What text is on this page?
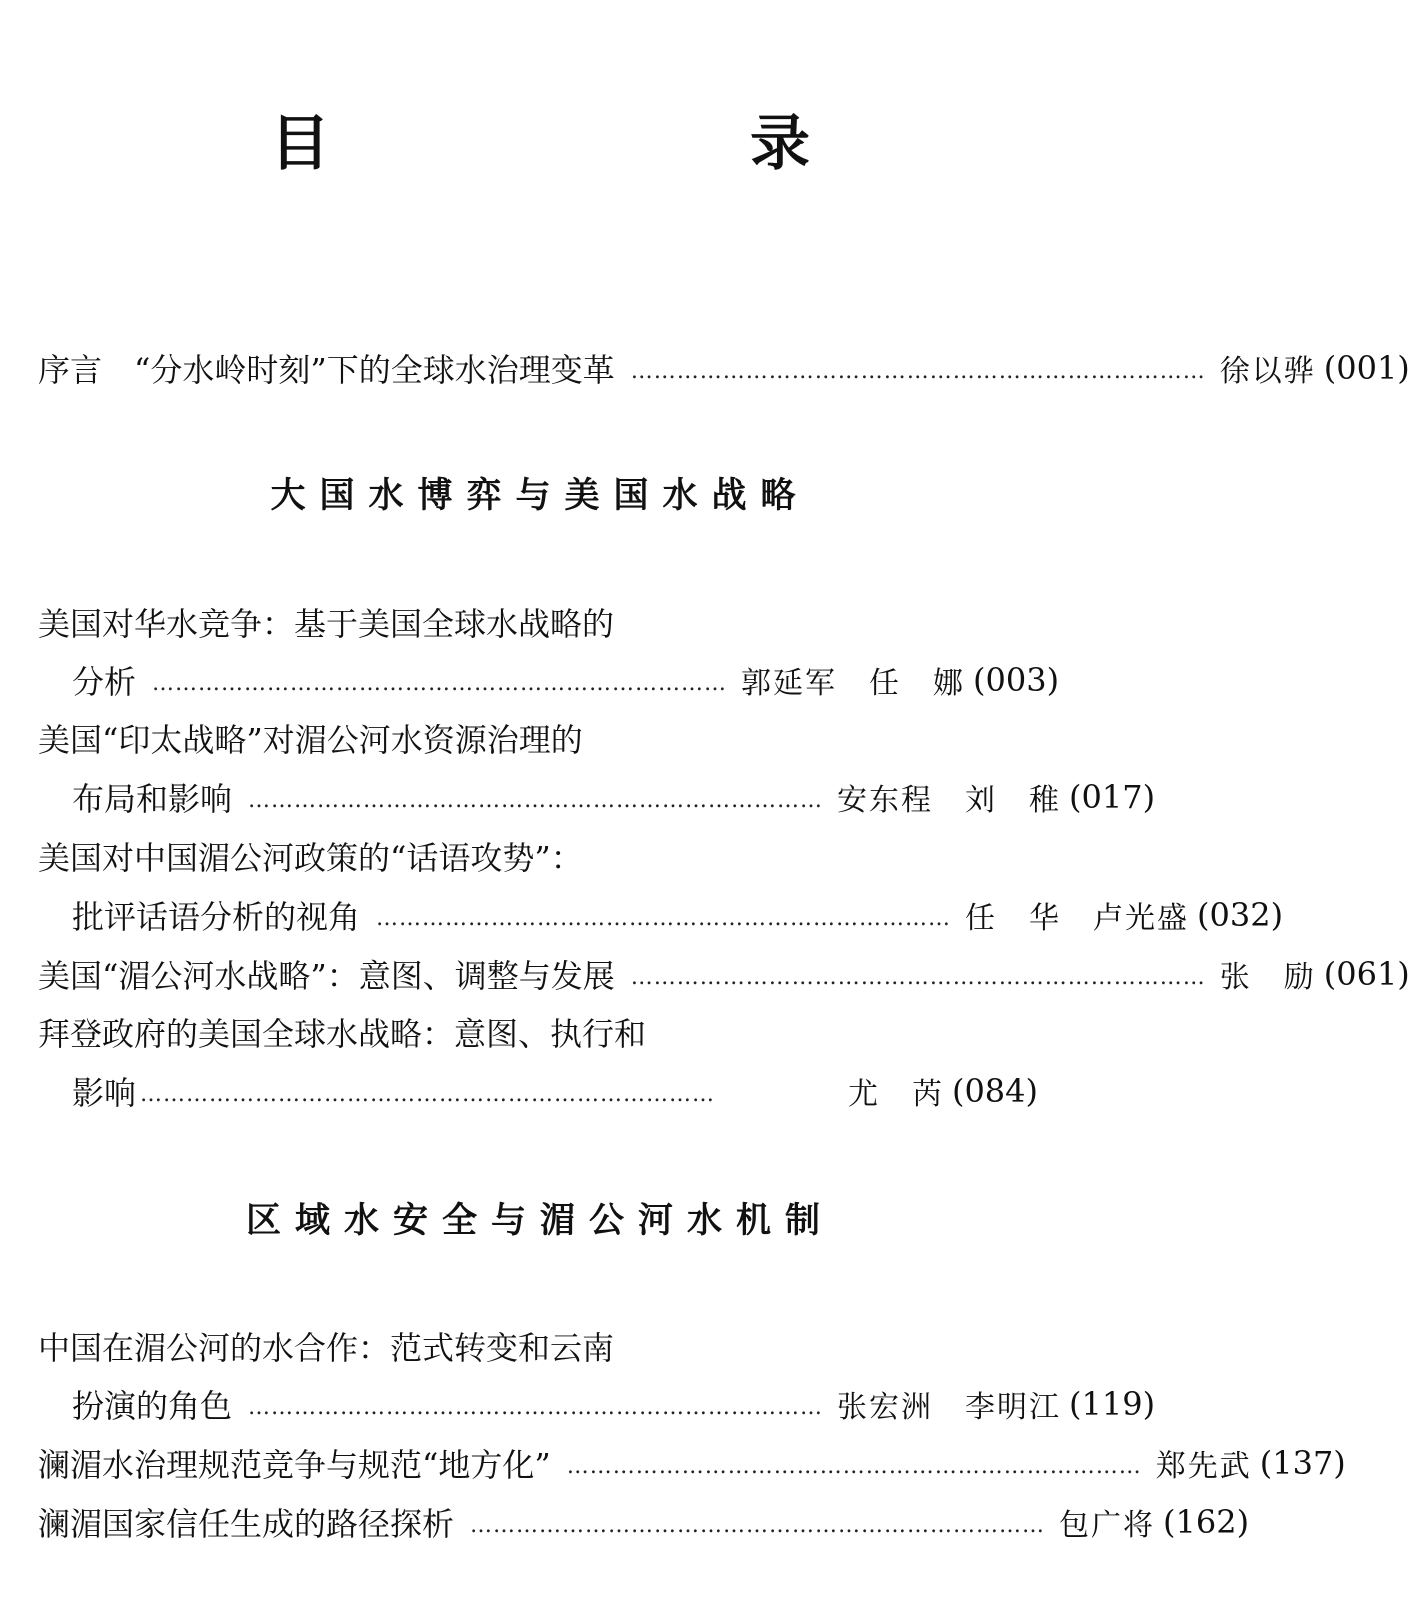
目　　录
序言　“分水岭时刻”下的全球水治理变革 ………………………………………………………………… 徐以骅 (001)
大国水博弈与美国水战略
美国对华水竞争：基于美国全球水战略的
分析 ………………………………………………………………… 郭延军　任　娜 (003)
美国“印太战略”对湄公河水资源治理的
布局和影响 ………………………………………………………………… 安东程　刘　稚 (017)
美国对中国湄公河政策的“话语攻势”：
批评话语分析的视角 ………………………………………………………………… 任　华　卢光盛 (032)
美国“湄公河水战略”：意图、调整与发展 ………………………………………………………………… 张　励 (061)
拜登政府的美国全球水战略：意图、执行和
影响 …………………………………………………………………	尤　芮 (084)
区域水安全与湄公河水机制
中国在湄公河的水合作：范式转变和云南
扮演的角色 ………………………………………………………………… 张宏洲　李明江 (119)
澜湄水治理规范竞争与规范“地方化” ………………………………………………………………… 郑先武 (137)
澜湄国家信任生成的路径探析 ………………………………………………………………… 包广将 (162)
